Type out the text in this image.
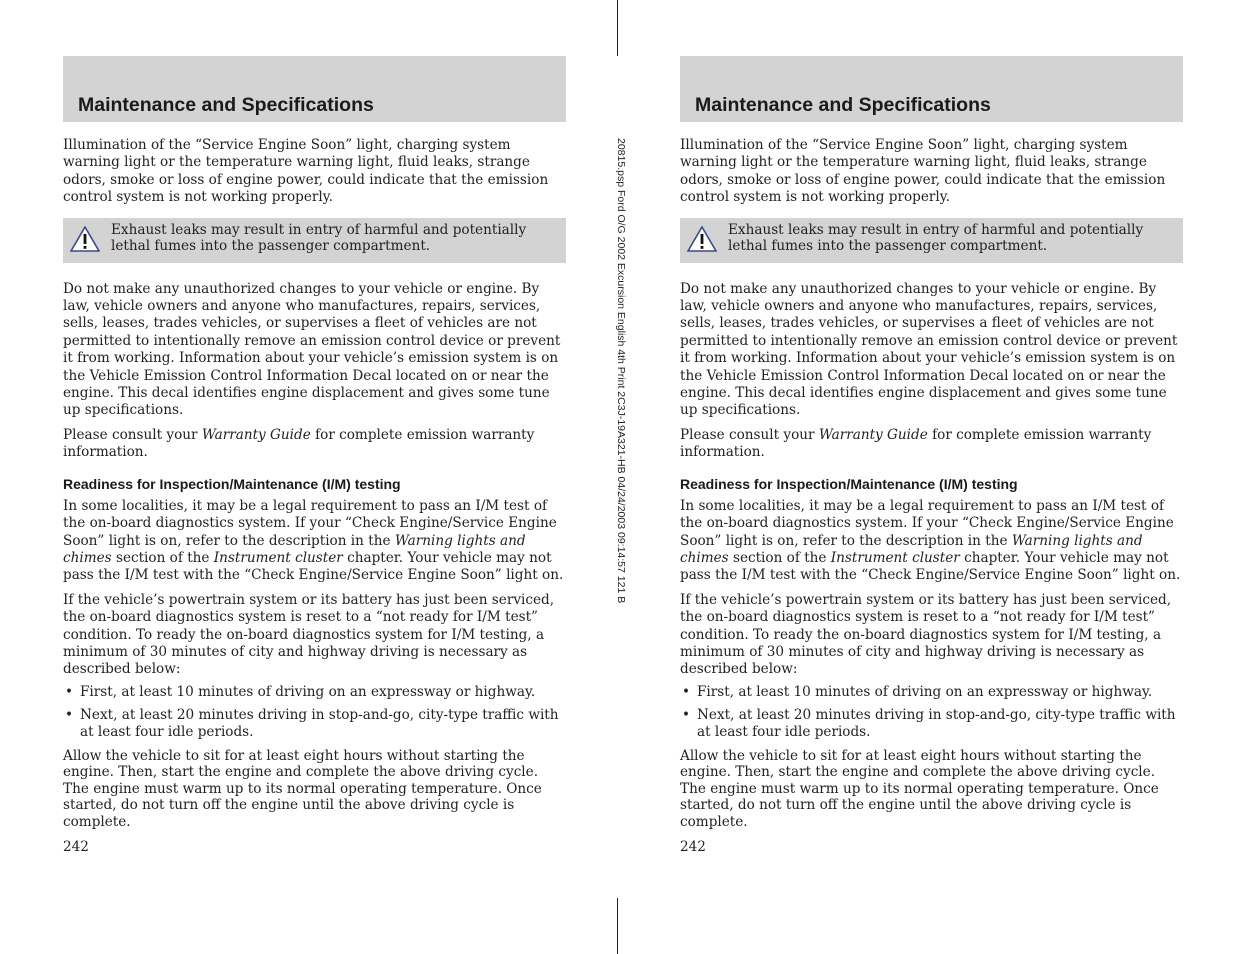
20815.psp Ford O/G 2002 Excursion English 4th Print 2C3J-19A321-HB 04/24/2003 09:14:57 121 B
Maintenance and Specifications

Illumination of the “Service Engine Soon” light, charging system warning light or the temperature warning light, fluid leaks, strange odors, smoke or loss of engine power, could indicate that the emission control system is not working properly.

Exhaust leaks may result in entry of harmful and potentially lethal fumes into the passenger compartment.

Do not make any unauthorized changes to your vehicle or engine. By law, vehicle owners and anyone who manufactures, repairs, services, sells, leases, trades vehicles, or supervises a fleet of vehicles are not permitted to intentionally remove an emission control device or prevent it from working. Information about your vehicle’s emission system is on the Vehicle Emission Control Information Decal located on or near the engine. This decal identifies engine displacement and gives some tune up specifications.

Please consult your Warranty Guide for complete emission warranty information.

Readiness for Inspection/Maintenance (I/M) testing

In some localities, it may be a legal requirement to pass an I/M test of the on-board diagnostics system. If your “Check Engine/Service Engine Soon” light is on, refer to the description in the Warning lights and chimes section of the Instrument cluster chapter. Your vehicle may not pass the I/M test with the “Check Engine/Service Engine Soon” light on.

If the vehicle’s powertrain system or its battery has just been serviced, the on-board diagnostics system is reset to a “not ready for I/M test” condition. To ready the on-board diagnostics system for I/M testing, a minimum of 30 minutes of city and highway driving is necessary as described below:

• First, at least 10 minutes of driving on an expressway or highway.
• Next, at least 20 minutes driving in stop-and-go, city-type traffic with at least four idle periods.

Allow the vehicle to sit for at least eight hours without starting the engine. Then, start the engine and complete the above driving cycle. The engine must warm up to its normal operating temperature. Once started, do not turn off the engine until the above driving cycle is complete.

242
Maintenance and Specifications

Illumination of the “Service Engine Soon” light, charging system warning light or the temperature warning light, fluid leaks, strange odors, smoke or loss of engine power, could indicate that the emission control system is not working properly.

Exhaust leaks may result in entry of harmful and potentially lethal fumes into the passenger compartment.

Do not make any unauthorized changes to your vehicle or engine. By law, vehicle owners and anyone who manufactures, repairs, services, sells, leases, trades vehicles, or supervises a fleet of vehicles are not permitted to intentionally remove an emission control device or prevent it from working. Information about your vehicle’s emission system is on the Vehicle Emission Control Information Decal located on or near the engine. This decal identifies engine displacement and gives some tune up specifications.

Please consult your Warranty Guide for complete emission warranty information.

Readiness for Inspection/Maintenance (I/M) testing

In some localities, it may be a legal requirement to pass an I/M test of the on-board diagnostics system. If your “Check Engine/Service Engine Soon” light is on, refer to the description in the Warning lights and chimes section of the Instrument cluster chapter. Your vehicle may not pass the I/M test with the “Check Engine/Service Engine Soon” light on.

If the vehicle’s powertrain system or its battery has just been serviced, the on-board diagnostics system is reset to a “not ready for I/M test” condition. To ready the on-board diagnostics system for I/M testing, a minimum of 30 minutes of city and highway driving is necessary as described below:

• First, at least 10 minutes of driving on an expressway or highway.
• Next, at least 20 minutes driving in stop-and-go, city-type traffic with at least four idle periods.

Allow the vehicle to sit for at least eight hours without starting the engine. Then, start the engine and complete the above driving cycle. The engine must warm up to its normal operating temperature. Once started, do not turn off the engine until the above driving cycle is complete.

242
